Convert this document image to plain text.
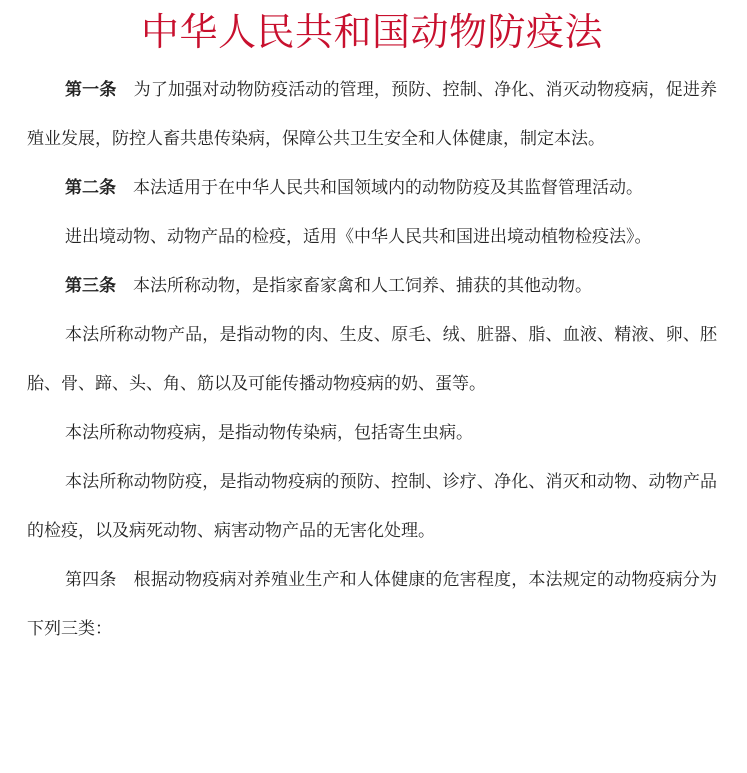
中华人民共和国动物防疫法

第一条 为了加强对动物防疫活动的管理，预防、控制、净化、消灭动物疫病，促进养殖业发展，防控人畜共患传染病，保障公共卫生安全和人体健康，制定本法。

第二条 本法适用于在中华人民共和国领域内的动物防疫及其监督管理活动。

进出境动物、动物产品的检疫，适用《中华人民共和国进出境动植物检疫法》。

第三条 本法所称动物，是指家畜家禽和人工饲养、捕获的其他动物。

本法所称动物产品，是指动物的肉、生皮、原毛、绒、脏器、脂、血液、精液、卵、胚胎、骨、蹄、头、角、筋以及可能传播动物疫病的奶、蛋等。

本法所称动物疫病，是指动物传染病，包括寄生虫病。

本法所称动物防疫，是指动物疫病的预防、控制、诊疗、净化、消灭和动物、动物产品的检疫，以及病死动物、病害动物产品的无害化处理。

第四条 根据动物疫病对养殖业生产和人体健康的危害程度，本法规定的动物疫病分为下列三类：
